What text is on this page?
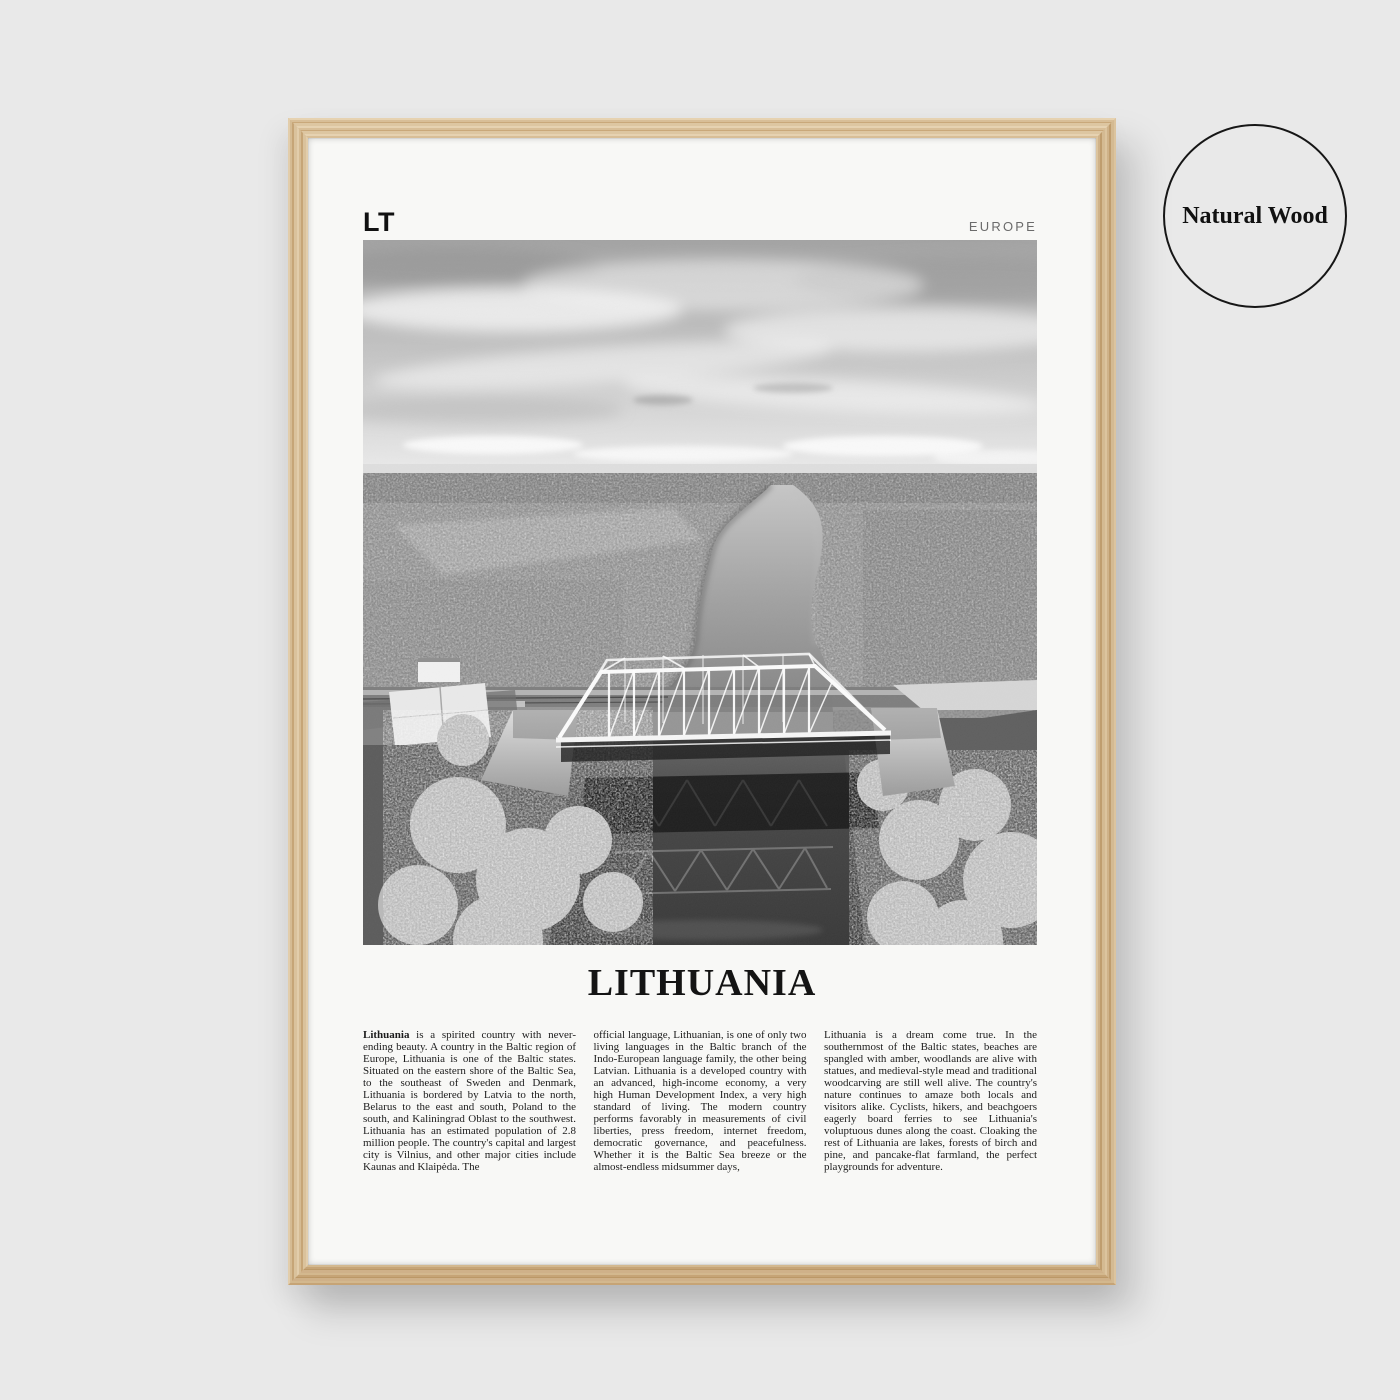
LT	EUROPE
LITHUANIA
Lithuania is a spirited country with never-ending beauty. A country in the Baltic region of Europe, Lithuania is one of the Baltic states. Situated on the eastern shore of the Baltic Sea, to the southeast of Sweden and Denmark, Lithuania is bordered by Latvia to the north, Belarus to the east and south, Poland to the south, and Kaliningrad Oblast to the southwest. Lithuania has an estimated population of 2.8 million people. The country's capital and largest city is Vilnius, and other major cities include Kaunas and Klaipėda. The
official language, Lithuanian, is one of only two living languages in the Baltic branch of the Indo-European language family, the other being Latvian. Lithuania is a developed country with an advanced, high-income economy, a very high Human Development Index, a very high standard of living. The modern country performs favorably in measurements of civil liberties, press freedom, internet freedom, democratic governance, and peacefulness. Whether it is the Baltic Sea breeze or the almost-endless midsummer days,
Lithuania is a dream come true. In the southernmost of the Baltic states, beaches are spangled with amber, woodlands are alive with statues, and medieval-style mead and traditional woodcarving are still well alive. The country's nature continues to amaze both locals and visitors alike. Cyclists, hikers, and beachgoers eagerly board ferries to see Lithuania's voluptuous dunes along the coast. Cloaking the rest of Lithuania are lakes, forests of birch and pine, and pancake-flat farmland, the perfect playgrounds for adventure.
Natural Wood
